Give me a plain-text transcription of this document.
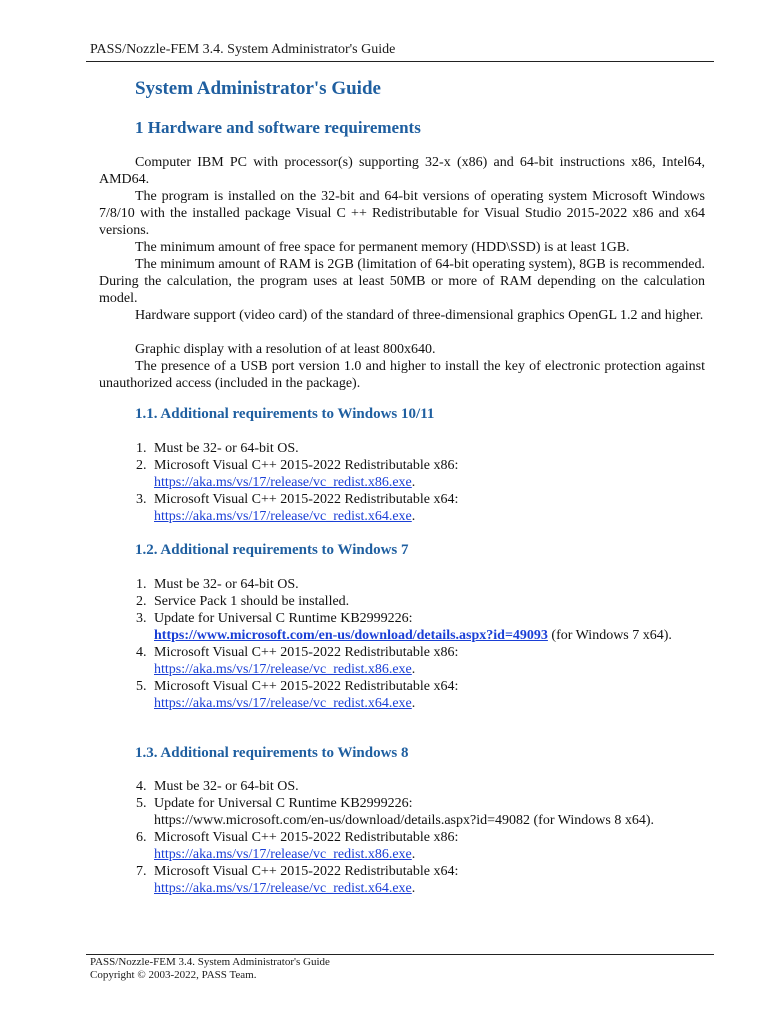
PASS/Nozzle-FEM 3.4. System Administrator's Guide
System Administrator's Guide
1 Hardware and software requirements
Computer IBM PC with processor(s) supporting 32-x (x86) and 64-bit instructions x86, Intel64, AMD64.
The program is installed on the 32-bit and 64-bit versions of operating system Microsoft Windows 7/8/10 with the installed package Visual C ++ Redistributable for Visual Studio 2015-2022 x86 and x64 versions.
The minimum amount of free space for permanent memory (HDD\SSD) is at least 1GB.
The minimum amount of RAM is 2GB (limitation of 64-bit operating system), 8GB is recommended. During the calculation, the program uses at least 50MB or more of RAM depending on the calculation model.
Hardware support (video card) of the standard of three-dimensional graphics OpenGL 1.2 and higher.
Graphic display with a resolution of at least 800x640.
The presence of a USB port version 1.0 and higher to install the key of electronic protection against unauthorized access (included in the package).
1.1. Additional requirements to Windows 10/11
1. Must be 32- or 64-bit OS.
2. Microsoft Visual C++ 2015-2022 Redistributable x86:
https://aka.ms/vs/17/release/vc_redist.x86.exe.
3. Microsoft Visual C++ 2015-2022 Redistributable x64:
https://aka.ms/vs/17/release/vc_redist.x64.exe.
1.2. Additional requirements to Windows 7
1. Must be 32- or 64-bit OS.
2. Service Pack 1 should be installed.
3. Update for Universal C Runtime KB2999226:
https://www.microsoft.com/en-us/download/details.aspx?id=49093 (for Windows 7 x64).
4. Microsoft Visual C++ 2015-2022 Redistributable x86:
https://aka.ms/vs/17/release/vc_redist.x86.exe.
5. Microsoft Visual C++ 2015-2022 Redistributable x64:
https://aka.ms/vs/17/release/vc_redist.x64.exe.
1.3. Additional requirements to Windows 8
4. Must be 32- or 64-bit OS.
5. Update for Universal C Runtime KB2999226:
https://www.microsoft.com/en-us/download/details.aspx?id=49082 (for Windows 8 x64).
6. Microsoft Visual C++ 2015-2022 Redistributable x86:
https://aka.ms/vs/17/release/vc_redist.x86.exe.
7. Microsoft Visual C++ 2015-2022 Redistributable x64:
https://aka.ms/vs/17/release/vc_redist.x64.exe.
PASS/Nozzle-FEM 3.4. System Administrator's Guide
Copyright © 2003-2022, PASS Team.
